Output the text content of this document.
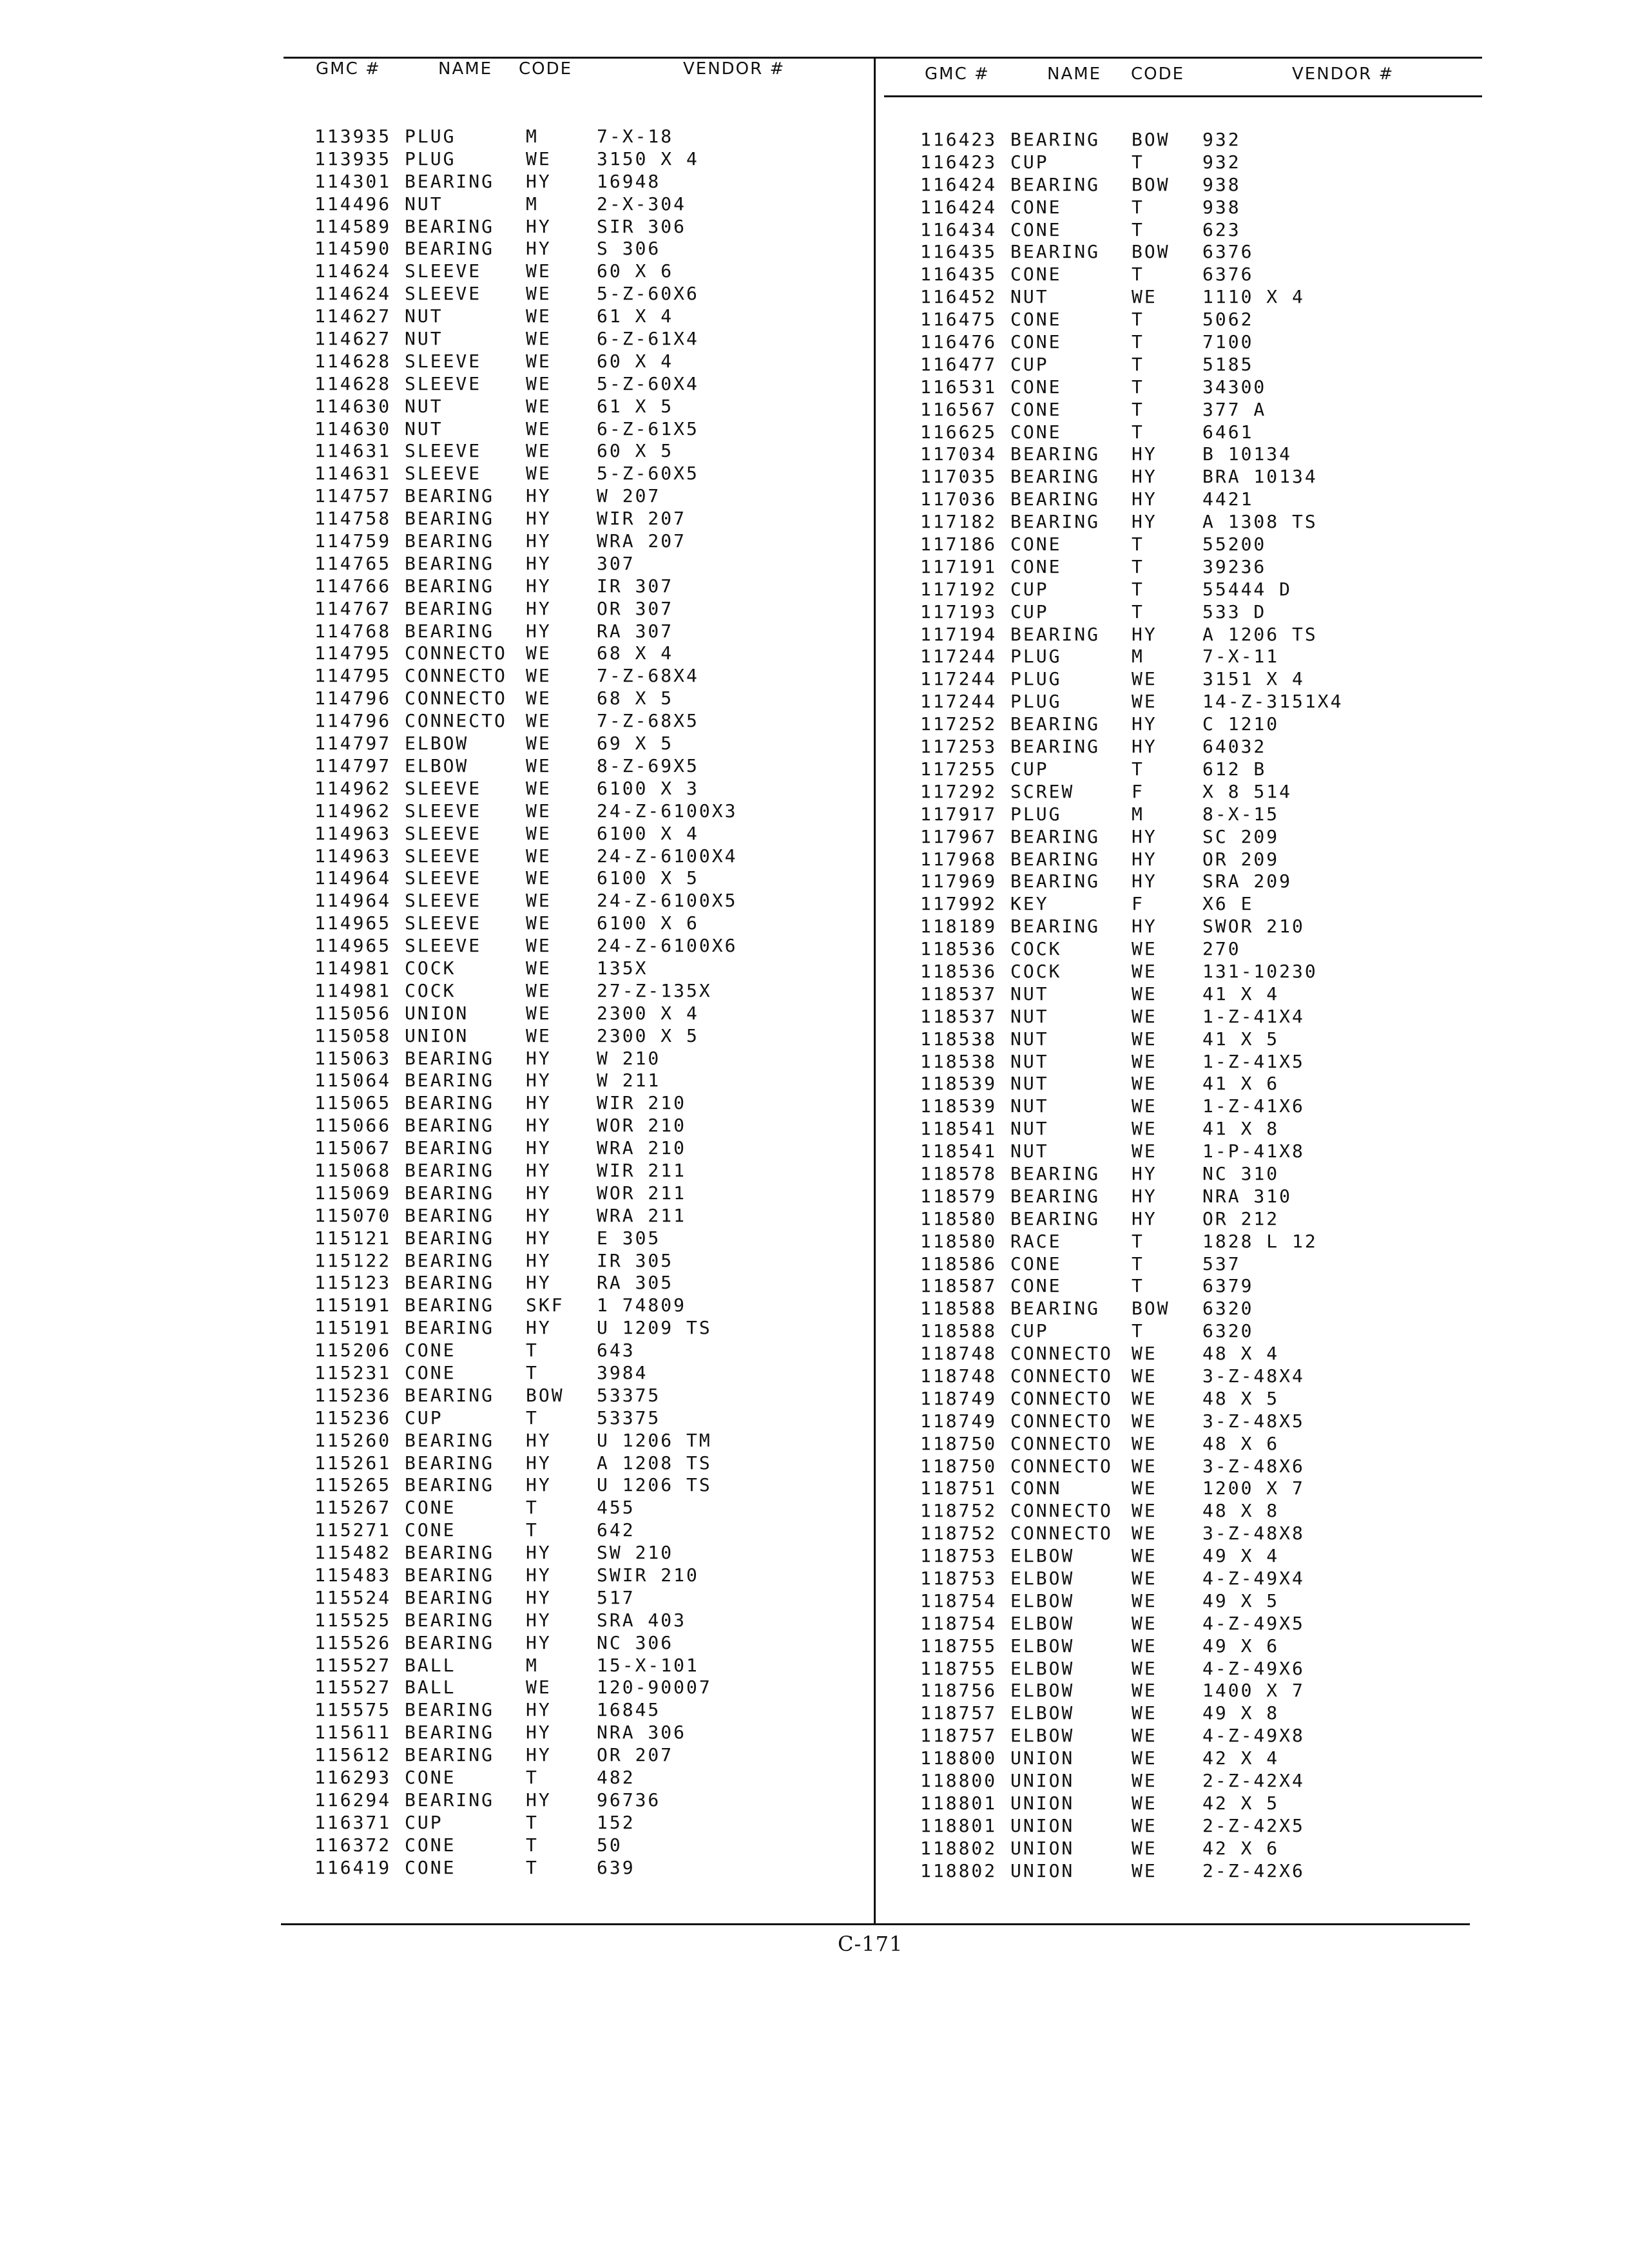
GMC #	NAME CODE	VENDOR #	GMC #	NAME CODE	VENDOR #
113935 PLUG	M	7-X-18
113935 PLUG	WE	3150 X 4
114301 BEARING HY	16948
114496 NUT	M	2-X-304
114589 BEARING HY	SIR 306
114590 BEARING HY	S 306
114624 SLEEVE WE	60 X 6
114624 SLEEVE WE	5-Z-60X6
114627 NUT	WE	61 X 4
114627 NUT	WE	6-Z-61X4
114628 SLEEVE WE	60 X 4
114628 SLEEVE WE	5-Z-60X4
114630 NUT	WE	61 X 5
114630 NUT	WE	6-Z-61X5
114631 SLEEVE WE	60 X 5
114631 SLEEVE WE	5-Z-60X5
114757 BEARING HY	W 207
114758 BEARING HY	WIR 207
114759 BEARING HY	WRA 207
114765 BEARING HY	307
114766 BEARING HY	IR 307
114767 BEARING HY	OR 307
114768 BEARING HY	RA 307
114795 CONNECTO WE	68 X 4
114795 CONNECTO WE	7-Z-68X4
114796 CONNECTO WE	68 X 5
114796 CONNECTO WE	7-Z-68X5
114797 ELBOW	WE	69 X 5
114797 ELBOW	WE	8-Z-69X5
114962 SLEEVE WE	6100 X 3
114962 SLEEVE WE	24-Z-6100X3
114963 SLEEVE WE	6100 X 4
114963 SLEEVE WE	24-Z-6100X4
114964 SLEEVE WE	6100 X 5
114964 SLEEVE WE	24-Z-6100X5
114965 SLEEVE WE	6100 X 6
114965 SLEEVE WE	24-Z-6100X6
114981 COCK	WE	135X
114981 COCK	WE	27-Z-135X
115056 UNION	WE	2300 X 4
115058 UNION	WE	2300 X 5
115063 BEARING HY	W 210
115064 BEARING HY	W 211
115065 BEARING HY	WIR 210
115066 BEARING HY	WOR 210
115067 BEARING HY	WRA 210
115068 BEARING HY	WIR 211
115069 BEARING HY	WOR 211
115070 BEARING HY	WRA 211
115121 BEARING HY	E 305
115122 BEARING HY	IR 305
115123 BEARING HY	RA 305
115191 BEARING SKF 1 74809
115191 BEARING HY	U 1209 TS
115206 CONE	T	643
115231 CONE	T	3984
115236 BEARING BOW 53375
115236 CUP	T	53375
115260 BEARING HY	U 1206 TM
115261 BEARING HY	A 1208 TS
115265 BEARING HY	U 1206 TS
115267 CONE	T	455
115271 CONE	T	642
115482 BEARING HY	SW 210
115483 BEARING HY	SWIR 210
115524 BEARING HY	517
115525 BEARING HY	SRA 403
115526 BEARING HY	NC 306
115527 BALL	M	15-X-101
115527 BALL	WE	120-90007
115575 BEARING HY	16845
115611 BEARING HY	NRA 306
115612 BEARING HY	OR 207
116293 CONE	T	482
116294 BEARING HY	96736
116371 CUP	T	152
116372 CONE	T	50
116419 CONE	T	639
116423 BEARING BOW 932
116423 CUP	T	932
116424 BEARING BOW 938
116424 CONE	T	938
116434 CONE	T	623
116435 BEARING BOW 6376
116435 CONE	T	6376
116452 NUT	WE	1110 X 4
116475 CONE	T	5062
116476 CONE	T	7100
116477 CUP	T	5185
116531 CONE	T	34300
116567 CONE	T	377 A
116625 CONE	T	6461
117034 BEARING HY	B 10134
117035 BEARING HY	BRA 10134
117036 BEARING HY	4421
117182 BEARING HY	A 1308 TS
117186 CONE	T	55200
117191 CONE	T	39236
117192 CUP	T	55444 D
117193 CUP	T	533 D
117194 BEARING HY	A 1206 TS
117244 PLUG	M	7-X-11
117244 PLUG	WE	3151 X 4
117244 PLUG	WE	14-Z-3151X4
117252 BEARING HY	C 1210
117253 BEARING HY	64032
117255 CUP	T	612 B
117292 SCREW	F	X 8 514
117917 PLUG	M	8-X-15
117967 BEARING HY	SC 209
117968 BEARING HY	OR 209
117969 BEARING HY	SRA 209
117992 KEY	F	X6 E
118189 BEARING HY	SWOR 210
118536 COCK	WE	270
118536 COCK	WE	131-10230
118537 NUT	WE	41 X 4
118537 NUT	WE	1-Z-41X4
118538 NUT	WE	41 X 5
118538 NUT	WE	1-Z-41X5
118539 NUT	WE	41 X 6
118539 NUT	WE	1-Z-41X6
118541 NUT	WE	41 X 8
118541 NUT	WE	1-P-41X8
118578 BEARING HY	NC 310
118579 BEARING HY	NRA 310
118580 BEARING HY	OR 212
118580 RACE	T	1828 L 12
118586 CONE	T	537
118587 CONE	T	6379
118588 BEARING BOW 6320
118588 CUP	T	6320
118748 CONNECTO WE	48 X 4
118748 CONNECTO WE	3-Z-48X4
118749 CONNECTO WE	48 X 5
118749 CONNECTO WE	3-Z-48X5
118750 CONNECTO WE	48 X 6
118750 CONNECTO WE	3-Z-48X6
118751 CONN	WE	1200 X 7
118752 CONNECTO WE	48 X 8
118752 CONNECTO WE	3-Z-48X8
118753 ELBOW	WE	49 X 4
118753 ELBOW	WE	4-Z-49X4
118754 ELBOW	WE	49 X 5
118754 ELBOW	WE	4-Z-49X5
118755 ELBOW	WE	49 X 6
118755 ELBOW	WE	4-Z-49X6
118756 ELBOW	WE	1400 X 7
118757 ELBOW	WE	49 X 8
118757 ELBOW	WE	4-Z-49X8
118800 UNION	WE	42 X 4
118800 UNION	WE	2-Z-42X4
118801 UNION	WE	42 X 5
118801 UNION	WE	2-Z-42X5
118802 UNION	WE	42 X 6
118802 UNION	WE	2-Z-42X6
C-171
